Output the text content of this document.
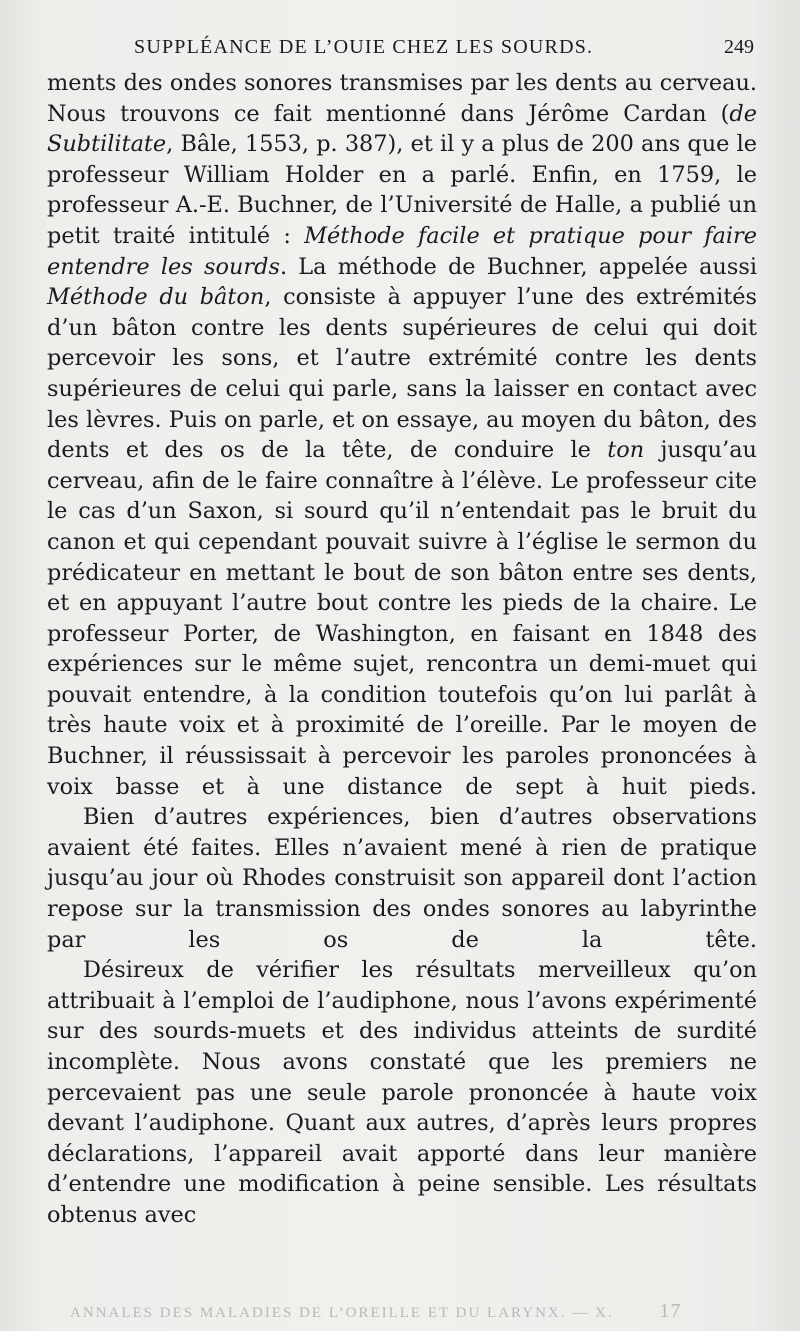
SUPPLÉANCE DE L’OUIE CHEZ LES SOURDS.	249

ments des ondes sonores transmises par les dents au cerveau. Nous trouvons ce fait mentionné dans Jérôme Cardan (de Subtilitate, Bâle, 1553, p. 387), et il y a plus de 200 ans que le professeur William Holder en a parlé. Enfin, en 1759, le professeur A.-E. Buchner, de l’Université de Halle, a publié un petit traité intitulé : Méthode facile et pratique pour faire entendre les sourds. La méthode de Buchner, appelée aussi Méthode du bâton, consiste à appuyer l’une des extrémités d’un bâton contre les dents supérieures de celui qui doit percevoir les sons, et l’autre extrémité contre les dents supérieures de celui qui parle, sans la laisser en contact avec les lèvres. Puis on parle, et on essaye, au moyen du bâton, des dents et des os de la tête, de conduire le ton jusqu’au cerveau, afin de le faire connaître à l’élève. Le professeur cite le cas d’un Saxon, si sourd qu’il n’entendait pas le bruit du canon et qui cependant pouvait suivre à l’église le sermon du prédicateur en mettant le bout de son bâton entre ses dents, et en appuyant l’autre bout contre les pieds de la chaire. Le professeur Porter, de Washington, en faisant en 1848 des expériences sur le même sujet, rencontra un demi-muet qui pouvait entendre, à la condition toutefois qu’on lui parlât à très haute voix et à proximité de l’oreille. Par le moyen de Buchner, il réussissait à percevoir les paroles prononcées à voix basse et à une distance de sept à huit pieds.

Bien d’autres expériences, bien d’autres observations avaient été faites. Elles n’avaient mené à rien de pratique jusqu’au jour où Rhodes construisit son appareil dont l’action repose sur la transmission des ondes sonores au labyrinthe par les os de la tête.

Désireux de vérifier les résultats merveilleux qu’on attribuait à l’emploi de l’audiphone, nous l’avons expérimenté sur des sourds-muets et des individus atteints de surdité incomplète. Nous avons constaté que les premiers ne percevaient pas une seule parole prononcée à haute voix devant l’audiphone. Quant aux autres, d’après leurs propres déclarations, l’appareil avait apporté dans leur manière d’entendre une modification à peine sensible. Les résultats obtenus avec

ANNALES DES MALADIES DE L’OREILLE ET DU LARYNX. — X. 17
